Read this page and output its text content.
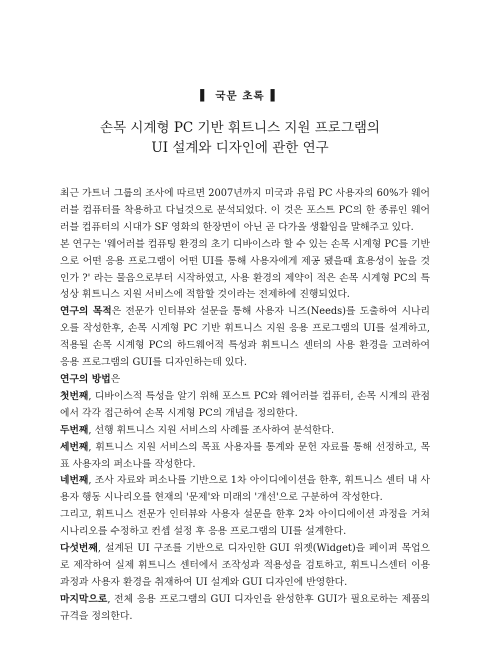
▌ 국문 초록 ▌
손목 시계형 PC 기반 휘트니스 지원 프로그램의
UI 설계와 디자인에 관한 연구

최근 가트너 그룹의 조사에 따르면 2007년까지 미국과 유럽 PC 사용자의 60%가 웨어러블 컴퓨터를 착용하고 다닐것으로 분석되었다. 이 것은 포스트 PC의 한 종류인 웨어러블 컴퓨터의 시대가 SF 영화의 한장면이 아닌 곧 다가올 생활임을 말해주고 있다.

본 연구는 '웨어러블 컴퓨팅 환경의 초기 디바이스라 할 수 있는 손목 시계형 PC를 기반으로 어떤 응용 프로그램이 어떤 UI를 통해 사용자에게 제공 됐을때 효용성이 높을 것인가 ?' 라는 물음으로부터 시작하였고, 사용 환경의 제약이 적은 손목 시계형 PC의 특성상 휘트니스 지원 서비스에 적합할 것이라는 전제하에 진행되었다.

연구의 목적은 전문가 인터뷰와 설문을 통해 사용자 니즈(Needs)를 도출하여 시나리오를 작성한후, 손목 시계형 PC 기반 휘트니스 지원 응용 프로그램의 UI를 설계하고, 적용될 손목 시계형 PC의 하드웨어적 특성과 휘트니스 센터의 사용 환경을 고려하여 응용 프로그램의 GUI를 디자인하는데 있다.

연구의 방법은

첫번째, 디바이스적 특성을 알기 위해 포스트 PC와 웨어러블 컴퓨터, 손목 시계의 관점에서 각각 접근하여 손목 시계형 PC의 개념을 정의한다.

두번째, 선행 휘트니스 지원 서비스의 사례를 조사하여 분석한다.

세번째, 휘트니스 지원 서비스의 목표 사용자를 통계와 문헌 자료를 통해 선정하고, 목표 사용자의 퍼소나를 작성한다.

네번째, 조사 자료와 퍼소나를 기반으로 1차 아이디에이션을 한후, 휘트니스 센터 내 사용자 행동 시나리오를 현재의 '문제'와 미래의 '개선'으로 구분하여 작성한다.

그리고, 휘트니스 전문가 인터뷰와 사용자 설문을 한후 2차 아이디에이션 과정을 거쳐 시나리오를 수정하고 컨셉 설정 후 응용 프로그램의 UI를 설계한다.

다섯번째, 설계된 UI 구조를 기반으로 디자인한 GUI 위젯(Widget)을 페이퍼 목업으로 제작하여 실제 휘트니스 센터에서 조작성과 적용성을 검토하고, 휘트니스센터 이용과정과 사용자 환경을 취재하여 UI 설계와 GUI 디자인에 반영한다.

마지막으로, 전체 응용 프로그램의 GUI 디자인을 완성한후 GUI가 필요로하는 제품의 규격을 정의한다.
